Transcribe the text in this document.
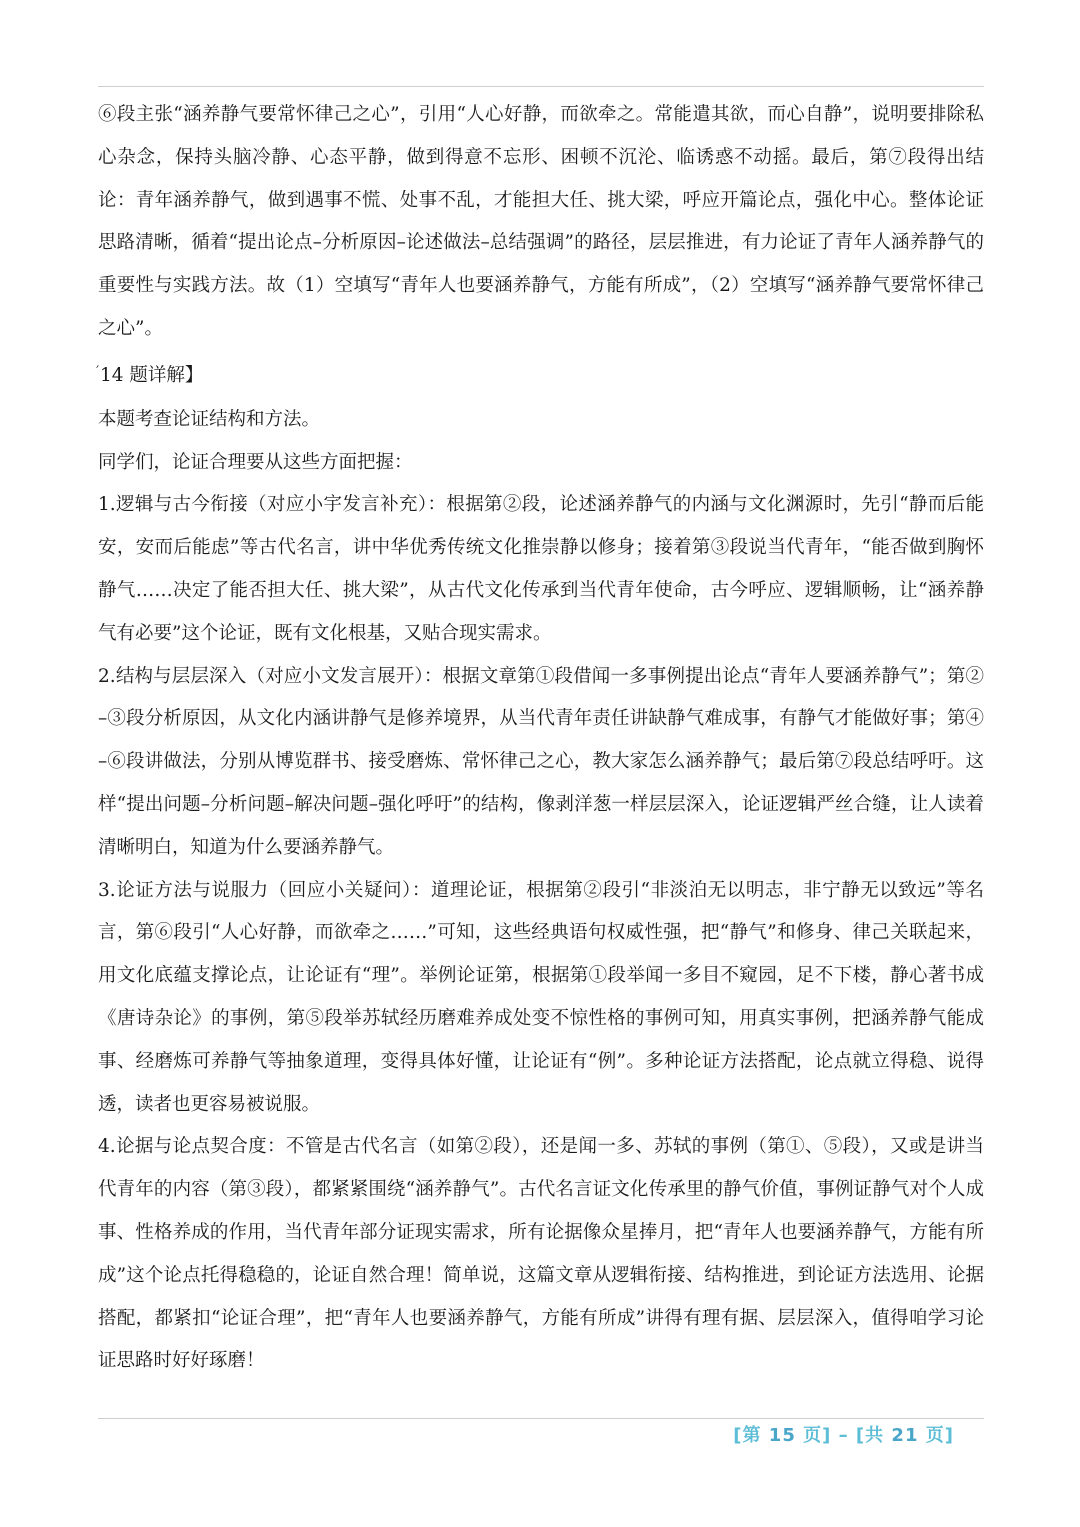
⑥段主张“涵养静气要常怀律己之心”，引用“人心好静，而欲牵之。常能遣其欲，而心自静”，说明要排除私心杂念，保持头脑冷静、心态平静，做到得意不忘形、困顿不沉沦、临诱惑不动摇。最后，第⑦段得出结论：青年涵养静气，做到遇事不慌、处事不乱，才能担大任、挑大梁，呼应开篇论点，强化中心。整体论证思路清晰，循着“提出论点–分析原因–论述做法–总结强调”的路径，层层推进，有力论证了青年人涵养静气的重要性与实践方法。故（1）空填写“青年人也要涵养静气，方能有所成”，（2）空填写“涵养静气要常怀律己之心”。

′ 14 题详解】

本题考查论证结构和方法。

同学们，论证合理要从这些方面把握：

1.逻辑与古今衔接（对应小宇发言补充）：根据第②段，论述涵养静气的内涵与文化渊源时，先引“静而后能安，安而后能虑”等古代名言，讲中华优秀传统文化推崇静以修身；接着第③段说当代青年，“能否做到胸怀静气……决定了能否担大任、挑大梁”，从古代文化传承到当代青年使命，古今呼应、逻辑顺畅，让“涵养静气有必要”这个论证，既有文化根基，又贴合现实需求。

2.结构与层层深入（对应小文发言展开）：根据文章第①段借闻一多事例提出论点“青年人要涵养静气”；第②–③段分析原因，从文化内涵讲静气是修养境界，从当代青年责任讲缺静气难成事，有静气才能做好事；第④–⑥段讲做法，分别从博览群书、接受磨炼、常怀律己之心，教大家怎么涵养静气；最后第⑦段总结呼吁。这样“提出问题–分析问题–解决问题–强化呼吁”的结构，像剥洋葱一样层层深入，论证逻辑严丝合缝，让人读着清晰明白，知道为什么要涵养静气。

3.论证方法与说服力（回应小关疑问）：道理论证，根据第②段引“非淡泊无以明志，非宁静无以致远”等名言，第⑥段引“人心好静，而欲牵之……”可知，这些经典语句权威性强，把“静气”和修身、律己关联起来，用文化底蕴支撑论点，让论证有“理”。举例论证第，根据第①段举闻一多目不窥园，足不下楼，静心著书成《唐诗杂论》的事例，第⑤段举苏轼经历磨难养成处变不惊性格的事例可知，用真实事例，把涵养静气能成事、经磨炼可养静气等抽象道理，变得具体好懂，让论证有“例”。多种论证方法搭配，论点就立得稳、说得透，读者也更容易被说服。

4.论据与论点契合度：不管是古代名言（如第②段），还是闻一多、苏轼的事例（第①、⑤段），又或是讲当代青年的内容（第③段），都紧紧围绕“涵养静气”。古代名言证文化传承里的静气价值，事例证静气对个人成事、性格养成的作用，当代青年部分证现实需求，所有论据像众星捧月，把“青年人也要涵养静气，方能有所成”这个论点托得稳稳的，论证自然合理！简单说，这篇文章从逻辑衔接、结构推进，到论证方法选用、论据搭配，都紧扣“论证合理”，把“青年人也要涵养静气，方能有所成”讲得有理有据、层层深入，值得咱学习论证思路时好好琢磨！

[第 15 页] – [共 21 页]
